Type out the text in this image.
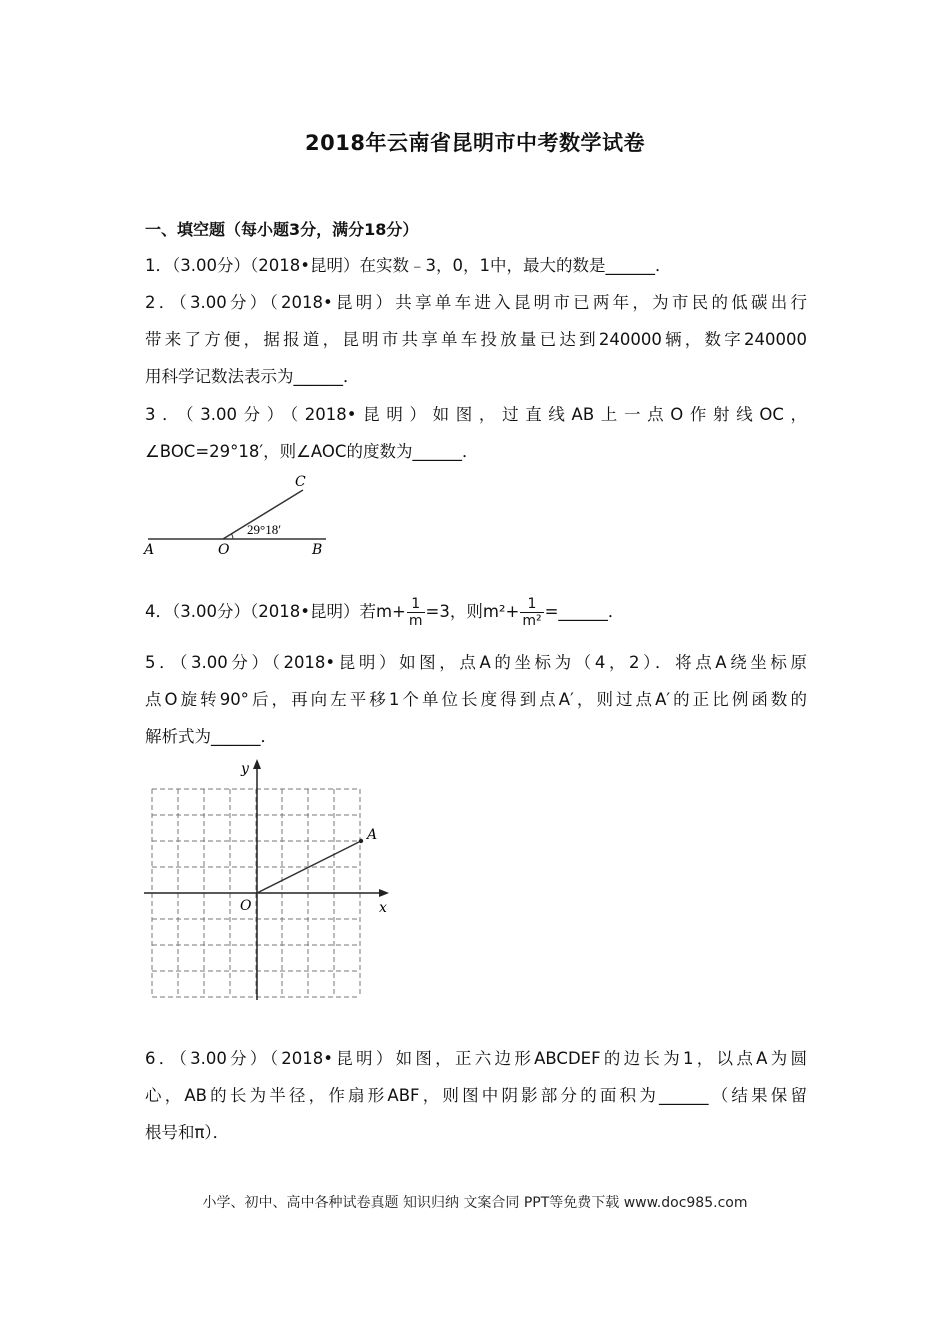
2018年云南省昆明市中考数学试卷
一、填空题（每小题3分，满分18分）
1．（3.00分）（2018•昆明）在实数﹣3，0，1中，最大的数是______．
2．（3.00分）（2018•昆明）共享单车进入昆明市已两年，为市民的低碳出行
带来了方便，据报道，昆明市共享单车投放量已达到240000辆，数字240000
用科学记数法表示为______．
3．（3.00分）（2018•昆明）如图，过直线AB上一点O作射线OC，
∠BOC=29°18′，则∠AOC的度数为______．
A	O	B
C
29°18′
4．（3.00分）（2018•昆明）若$m+ \frac{1}{m} =3$，则$m^2+ \frac{1}{\text{m²}}$ =______．
5．（3.00分）（2018•昆明）如图，点A的坐标为（4，2）．将点A绕坐标原
点O旋转90°后，再向左平移1个单位长度得到点A′，则过点A′的正比例函数的
解析式为______．
y
x
O
A
6．（3.00分）（2018•昆明）如图，正六边形ABCDEF的边长为1，以点A为圆
心，AB的长为半径，作扇形ABF，则图中阴影部分的面积为______（结果保留
根号和π）．
小学、初中、高中各种试卷真题 知识归纳 文案合同 PPT等免费下载 www.doc985.com
